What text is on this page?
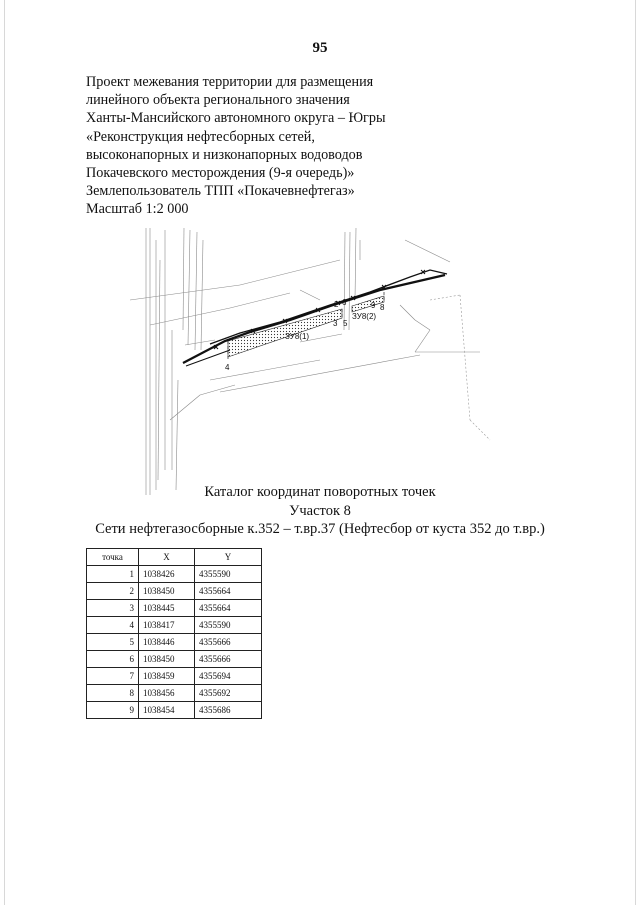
95
Проект межевания территории для размещения
линейного объекта регионального значения
Ханты-Мансийского автономного округа – Югры
«Реконструкция нефтесборных сетей,
высоконапорных и низконапорных водоводов
Покачевского месторождения (9-я очередь)»
Землепользователь ТПП «Покачевнефтегаз»
Масштаб 1:2 000
4
3 5
2 6	9 8
ЗУ8(1)
ЗУ8(2)
Каталог координат поворотных точек
Участок 8
Сети нефтегазосборные к.352 – т.вр.37 (Нефтесбор от куста 352 до т.вр.)
точка	X	Y
1	1038426	4355590
2	1038450	4355664
3	1038445	4355664
4	1038417	4355590
5	1038446	4355666
6	1038450	4355666
7	1038459	4355694
8	1038456	4355692
9	1038454	4355686
